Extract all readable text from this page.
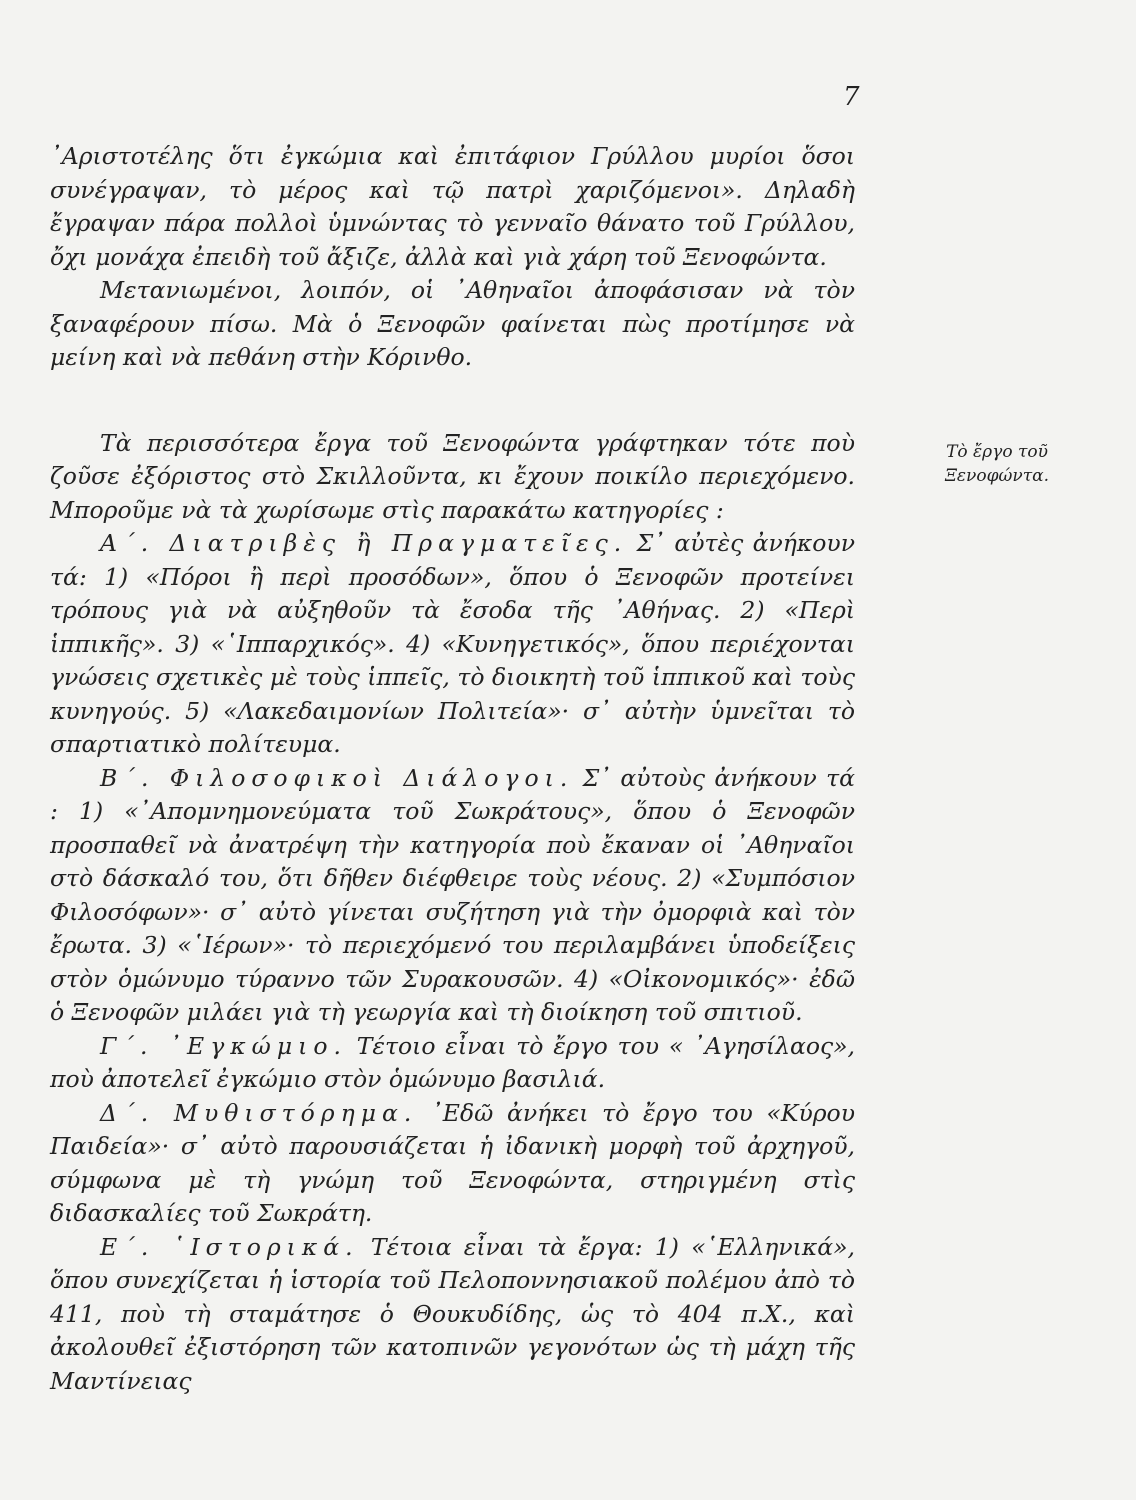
7

᾿Αριστοτέλης ὅτι ἐγκώμια καὶ ἐπιτάφιον Γρύλλου μυρίοι ὅσοι συνέγραψαν, τὸ μέρος καὶ τῷ πατρὶ χαριζόμενοι». Δηλαδὴ ἔγραψαν πάρα πολλοὶ ὑμνώντας τὸ γενναῖο θάνατο τοῦ Γρύλλου, ὄχι μονάχα ἐπειδὴ τοῦ ἄξιζε, ἀλλὰ καὶ γιὰ χάρη τοῦ Ξενοφώντα.

Μετανιωμένοι, λοιπόν, οἱ ᾿Αθηναῖοι ἀποφάσισαν νὰ τὸν ξαναφέρουν πίσω. Μὰ ὁ Ξενοφῶν φαίνεται πὼς προτίμησε νὰ μείνη καὶ νὰ πεθάνη στὴν Κόρινθο.

Τὰ περισσότερα ἔργα τοῦ Ξενοφώντα γράφτηκαν τότε ποὺ ζοῦσε ἐξόριστος στὸ Σκιλλοῦντα, κι ἔχουν ποικίλο περιεχόμενο. Μποροῦμε νὰ τὰ χωρίσωμε στὶς παρακάτω κατηγορίες :

Α΄. Διατριβὲς ἢ Πραγματεῖες. Σ᾿ αὐτὲς ἀνήκουν τά: 1) «Πόροι ἢ περὶ προσόδων», ὅπου ὁ Ξενοφῶν προτείνει τρόπους γιὰ νὰ αὐξηθοῦν τὰ ἔσοδα τῆς ᾿Αθήνας. 2) «Περὶ ἱππικῆς». 3) «῾Ιππαρχικός». 4) «Κυνηγετικός», ὅπου περιέχονται γνώσεις σχετικὲς μὲ τοὺς ἱππεῖς, τὸ διοικητὴ τοῦ ἱππικοῦ καὶ τοὺς κυνηγούς. 5) «Λακεδαιμονίων Πολιτεία»· σ᾿ αὐτὴν ὑμνεῖται τὸ σπαρτιατικὸ πολίτευμα.

Β΄. Φιλοσοφικοὶ Διάλογοι. Σ᾿ αὐτοὺς ἀνήκουν τά : 1) «᾿Απομνημονεύματα τοῦ Σωκράτους», ὅπου ὁ Ξενοφῶν προσπαθεῖ νὰ ἀνατρέψη τὴν κατηγορία ποὺ ἔκαναν οἱ ᾿Αθηναῖοι στὸ δάσκαλό του, ὅτι δῆθεν διέφθειρε τοὺς νέους. 2) «Συμπόσιον Φιλοσόφων»· σ᾿ αὐτὸ γίνεται συζήτηση γιὰ τὴν ὀμορφιὰ καὶ τὸν ἔρωτα. 3) «῾Ιέρων»· τὸ περιεχόμενό του περιλαμβάνει ὑποδείξεις στὸν ὁμώνυμο τύραννο τῶν Συρακουσῶν. 4) «Οἰκονομικός»· ἐδῶ ὁ Ξενοφῶν μιλάει γιὰ τὴ γεωργία καὶ τὴ διοίκηση τοῦ σπιτιοῦ.

Γ΄. ᾿Εγκώμιο. Τέτοιο εἶναι τὸ ἔργο του « ᾿Αγησίλαος», ποὺ ἀποτελεῖ ἐγκώμιο στὸν ὁμώνυμο βασιλιά.

Δ΄. Μυθιστόρημα. ᾿Εδῶ ἀνήκει τὸ ἔργο του «Κύρου Παιδεία»· σ᾿ αὐτὸ παρουσιάζεται ἡ ἰδανικὴ μορφὴ τοῦ ἀρχηγοῦ, σύμφωνα μὲ τὴ γνώμη τοῦ Ξενοφώντα, στηριγμένη στὶς διδασκαλίες τοῦ Σωκράτη.

Ε΄. ῾Ιστορικά. Τέτοια εἶναι τὰ ἔργα: 1) «῾Ελληνικά», ὅπου συνεχίζεται ἡ ἱστορία τοῦ Πελοποννησιακοῦ πολέμου ἀπὸ τὸ 411, ποὺ τὴ σταμάτησε ὁ Θουκυδίδης, ὡς τὸ 404 π.Χ., καὶ ἀκολουθεῖ ἐξιστόρηση τῶν κατοπινῶν γεγονότων ὡς τὴ μάχη τῆς Μαντίνειας

Τὸ ἔργο τοῦ
Ξενοφώντα.
